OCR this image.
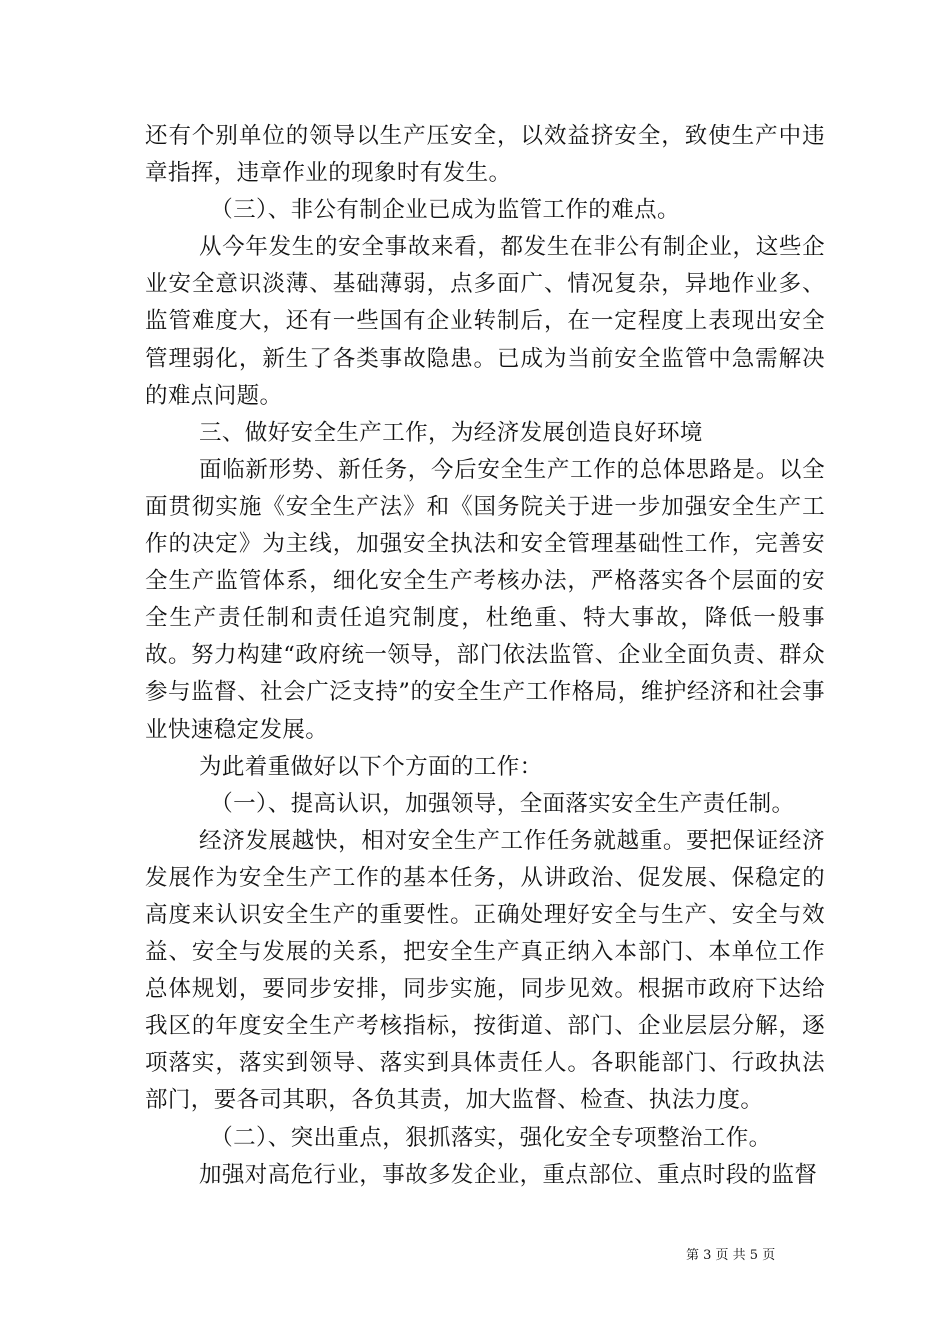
还有个别单位的领导以生产压安全，以效益挤安全，致使生产中违章指挥，违章作业的现象时有发生。

（三）、非公有制企业已成为监管工作的难点。

从今年发生的安全事故来看，都发生在非公有制企业，这些企业安全意识淡薄、基础薄弱，点多面广、情况复杂，异地作业多、监管难度大，还有一些国有企业转制后，在一定程度上表现出安全管理弱化，新生了各类事故隐患。已成为当前安全监管中急需解决的难点问题。

三、做好安全生产工作，为经济发展创造良好环境

面临新形势、新任务，今后安全生产工作的总体思路是。以全面贯彻实施《安全生产法》和《国务院关于进一步加强安全生产工作的决定》为主线，加强安全执法和安全管理基础性工作，完善安全生产监管体系，细化安全生产考核办法，严格落实各个层面的安全生产责任制和责任追究制度，杜绝重、特大事故，降低一般事故。努力构建“政府统一领导，部门依法监管、企业全面负责、群众参与监督、社会广泛支持”的安全生产工作格局，维护经济和社会事业快速稳定发展。

为此着重做好以下个方面的工作：

（一）、提高认识，加强领导，全面落实安全生产责任制。

经济发展越快，相对安全生产工作任务就越重。要把保证经济发展作为安全生产工作的基本任务，从讲政治、促发展、保稳定的高度来认识安全生产的重要性。正确处理好安全与生产、安全与效益、安全与发展的关系，把安全生产真正纳入本部门、本单位工作总体规划，要同步安排，同步实施，同步见效。根据市政府下达给我区的年度安全生产考核指标，按街道、部门、企业层层分解，逐项落实，落实到领导、落实到具体责任人。各职能部门、行政执法部门，要各司其职，各负其责，加大监督、检查、执法力度。

（二）、突出重点，狠抓落实，强化安全专项整治工作。

加强对高危行业，事故多发企业，重点部位、重点时段的监督

第 3 页 共 5 页
